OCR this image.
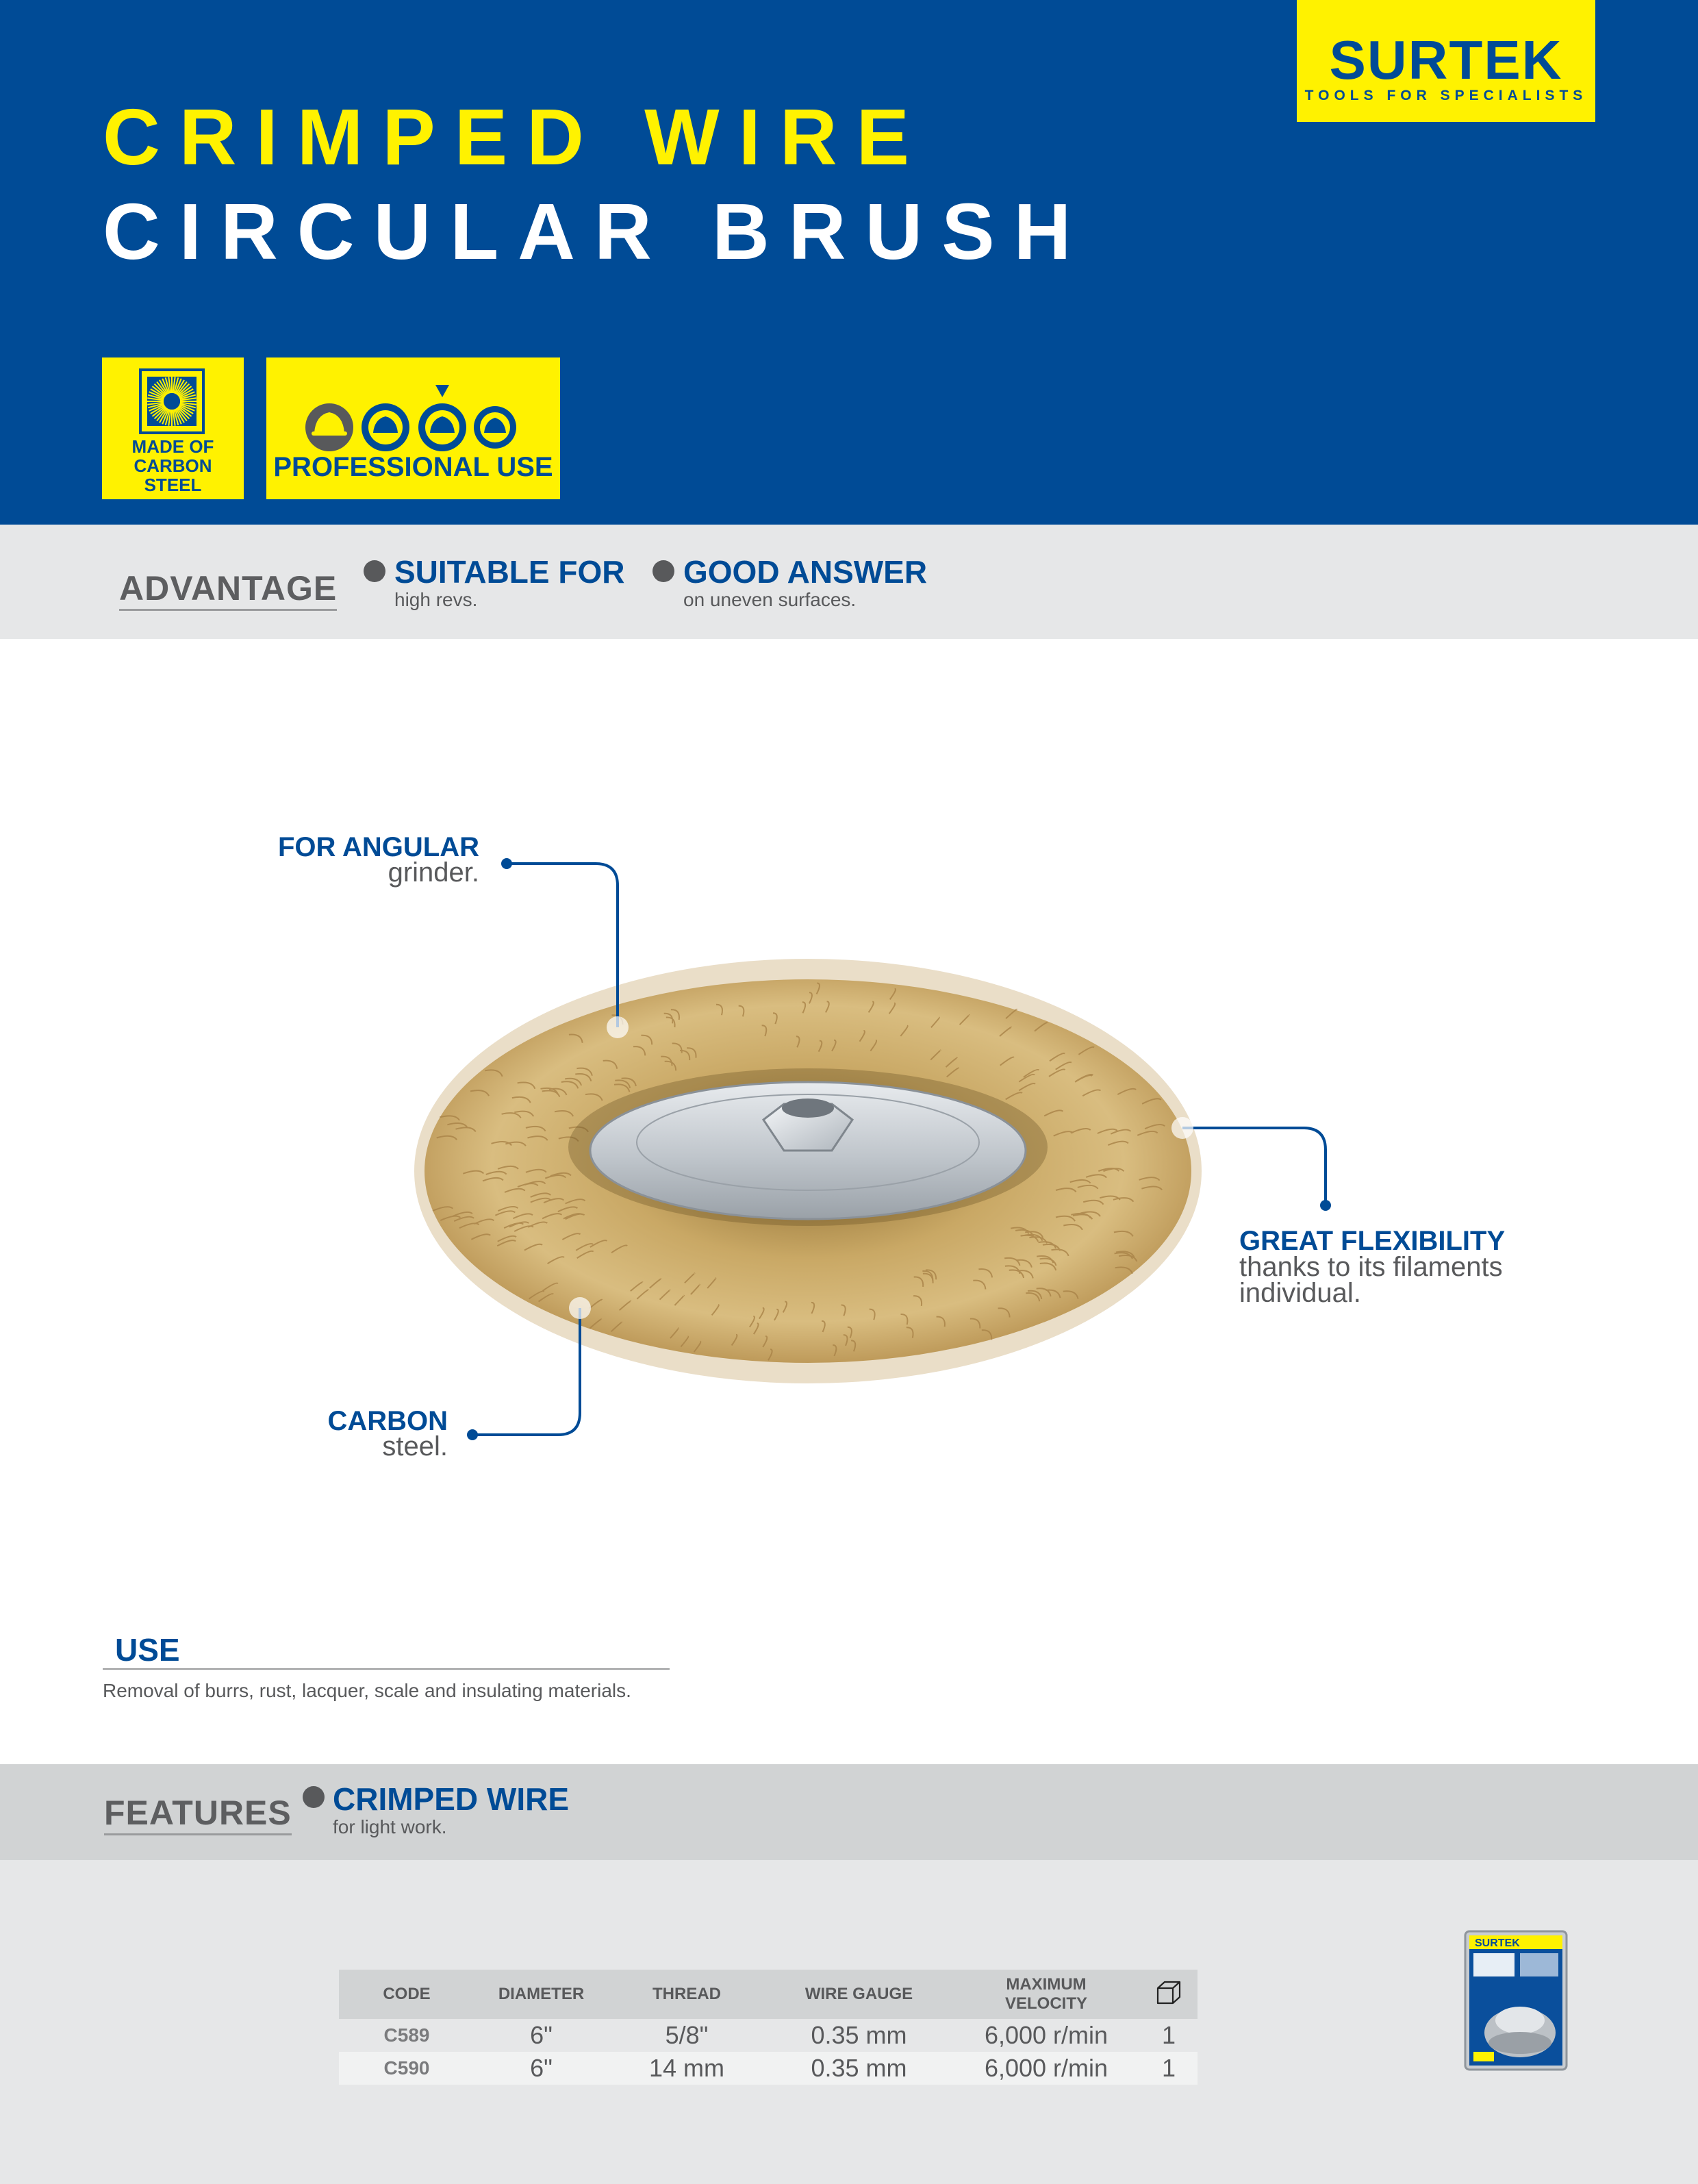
SURTEK
TOOLS FOR SPECIALISTS
CRIMPED WIRE
CIRCULAR BRUSH
MADE OF
CARBON
STEEL
PROFESSIONAL USE
ADVANTAGE SUITABLE FOR
high revs.
GOOD ANSWER
on uneven surfaces.
FOR ANGULAR
grinder.
GREAT FLEXIBILITY
thanks to its filaments
individual.
CARBON
steel.
USE
Removal of burrs, rust, lacquer, scale and insulating materials.
FEATURES CRIMPED WIRE
for light work.
CODE	DIAMETER	THREAD	WIRE GAUGE	MAXIMUM
VELOCITY	
C589	6"	5/8"	0.35 mm	6,000 r/min	1
C590	6"	14 mm	0.35 mm	6,000 r/min	1
SURTEK
